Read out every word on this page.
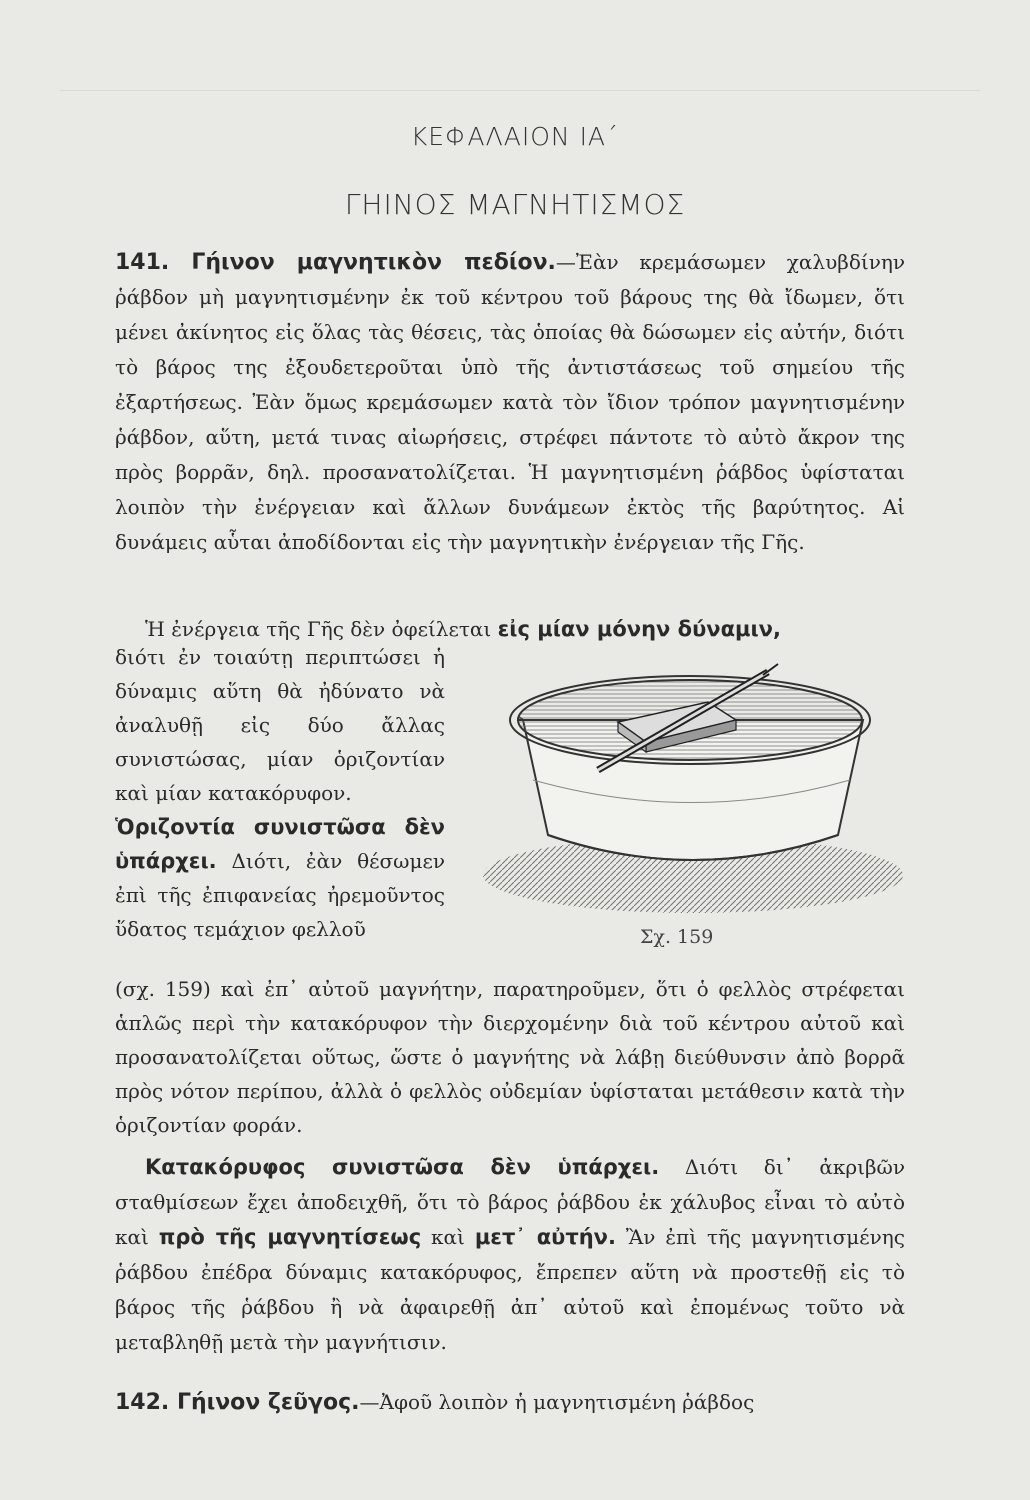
ΚΕΦΑΛΑΙΟΝ ΙΑ΄
ΓΗΙΝΟΣ ΜΑΓΝΗΤΙΣΜΟΣ
141. Γήινον μαγνητικὸν πεδίον.—Ἐὰν κρεμάσωμεν χαλυβδίνην ῥάβδον μὴ μαγνητισμένην ἐκ τοῦ κέντρου τοῦ βάρους της θὰ ἴδωμεν, ὅτι μένει ἀκίνητος εἰς ὅλας τὰς θέσεις, τὰς ὁποίας θὰ δώσωμεν εἰς αὐτήν, διότι τὸ βάρος της ἐξουδετεροῦται ὑπὸ τῆς ἀντιστάσεως τοῦ σημείου τῆς ἐξαρτήσεως. Ἐὰν ὅμως κρεμάσωμεν κατὰ τὸν ἴδιον τρόπον μαγνητισμένην ῥάβδον, αὕτη, μετά τινας αἰωρήσεις, στρέφει πάντοτε τὸ αὐτὸ ἄκρον της πρὸς βορρᾶν, δηλ. προσανατολίζεται. Ἡ μαγνητισμένη ῥάβδος ὑφίσταται λοιπὸν τὴν ἐνέργειαν καὶ ἄλλων δυνάμεων ἐκτὸς τῆς βαρύτητος. Αἱ δυνάμεις αὗται ἀποδίδονται εἰς τὴν μαγνητικὴν ἐνέργειαν τῆς Γῆς.
Ἡ ἐνέργεια τῆς Γῆς δὲν ὀφείλεται εἰς μίαν μόνην δύναμιν,
διότι ἐν τοιαύτῃ περιπτώσει ἡ δύναμις αὕτη θὰ ἠδύνατο νὰ ἀναλυθῇ εἰς δύο ἄλλας συνιστώσας, μίαν ὁριζοντίαν καὶ μίαν κατακόρυφον.
Ὁριζοντία συνιστῶσα δὲν ὑπάρχει. Διότι, ἐὰν θέσωμεν ἐπὶ τῆς ἐπιφανείας ἠρεμοῦντος ὕδατος τεμάχιον φελλοῦ	Σχ. 159
(σχ. 159) καὶ ἐπ᾿ αὐτοῦ μαγνήτην, παρατηροῦμεν, ὅτι ὁ φελλὸς στρέφεται ἁπλῶς περὶ τὴν κατακόρυφον τὴν διερχομένην διὰ τοῦ κέντρου αὐτοῦ καὶ προσανατολίζεται οὕτως, ὥστε ὁ μαγνήτης νὰ λάβῃ διεύθυνσιν ἀπὸ βορρᾶ πρὸς νότον περίπου, ἀλλὰ ὁ φελλὸς οὐδεμίαν ὑφίσταται μετάθεσιν κατὰ τὴν ὁριζοντίαν φοράν.
Κατακόρυφος συνιστῶσα δὲν ὑπάρχει. Διότι δι᾿ ἀκριβῶν σταθμίσεων ἔχει ἀποδειχθῆ, ὅτι τὸ βάρος ῥάβδου ἐκ χάλυβος εἶναι τὸ αὐτὸ καὶ πρὸ τῆς μαγνητίσεως καὶ μετ᾿ αὐτήν. Ἂν ἐπὶ τῆς μαγνητισμένης ῥάβδου ἐπέδρα δύναμις κατακόρυφος, ἔπρεπεν αὕτη νὰ προστεθῇ εἰς τὸ βάρος τῆς ῥάβδου ἢ νὰ ἀφαιρεθῇ ἀπ᾿ αὐτοῦ καὶ ἐπομένως τοῦτο νὰ μεταβληθῇ μετὰ τὴν μαγνήτισιν.
142. Γήινον ζεῦγος.—Ἀφοῦ λοιπὸν ἡ μαγνητισμένη ῥάβδος
